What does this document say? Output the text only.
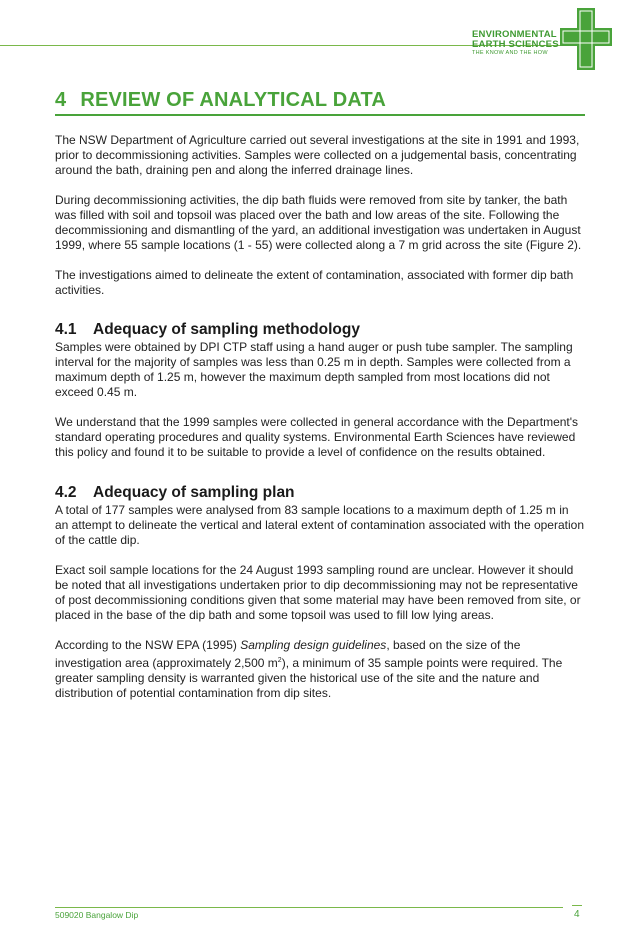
ENVIRONMENTAL
EARTH SCIENCES
THE KNOW AND THE HOW
4 REVIEW OF ANALYTICAL DATA

The NSW Department of Agriculture carried out several investigations at the site in 1991 and 1993, prior to decommissioning activities. Samples were collected on a judgemental basis, concentrating around the bath, draining pen and along the inferred drainage lines.

During decommissioning activities, the dip bath fluids were removed from site by tanker, the bath was filled with soil and topsoil was placed over the bath and low areas of the site. Following the decommissioning and dismantling of the yard, an additional investigation was undertaken in August 1999, where 55 sample locations (1 - 55) were collected along a 7 m grid across the site (Figure 2).

The investigations aimed to delineate the extent of contamination, associated with former dip bath activities.

4.1 Adequacy of sampling methodology

Samples were obtained by DPI CTP staff using a hand auger or push tube sampler. The sampling interval for the majority of samples was less than 0.25 m in depth. Samples were collected from a maximum depth of 1.25 m, however the maximum depth sampled from most locations did not exceed 0.45 m.

We understand that the 1999 samples were collected in general accordance with the Department's standard operating procedures and quality systems. Environmental Earth Sciences have reviewed this policy and found it to be suitable to provide a level of confidence on the results obtained.

4.2 Adequacy of sampling plan

A total of 177 samples were analysed from 83 sample locations to a maximum depth of 1.25 m in an attempt to delineate the vertical and lateral extent of contamination associated with the operation of the cattle dip.

Exact soil sample locations for the 24 August 1993 sampling round are unclear. However it should be noted that all investigations undertaken prior to dip decommissioning may not be representative of post decommissioning conditions given that some material may have been removed from site, or placed in the base of the dip bath and some topsoil was used to fill low lying areas.

According to the NSW EPA (1995) Sampling design guidelines, based on the size of the investigation area (approximately 2,500 $m^2$), a minimum of 35 sample points were required. The greater sampling density is warranted given the historical use of the site and the nature and distribution of potential contamination from dip sites.

509020 Bangalow Dip	4
